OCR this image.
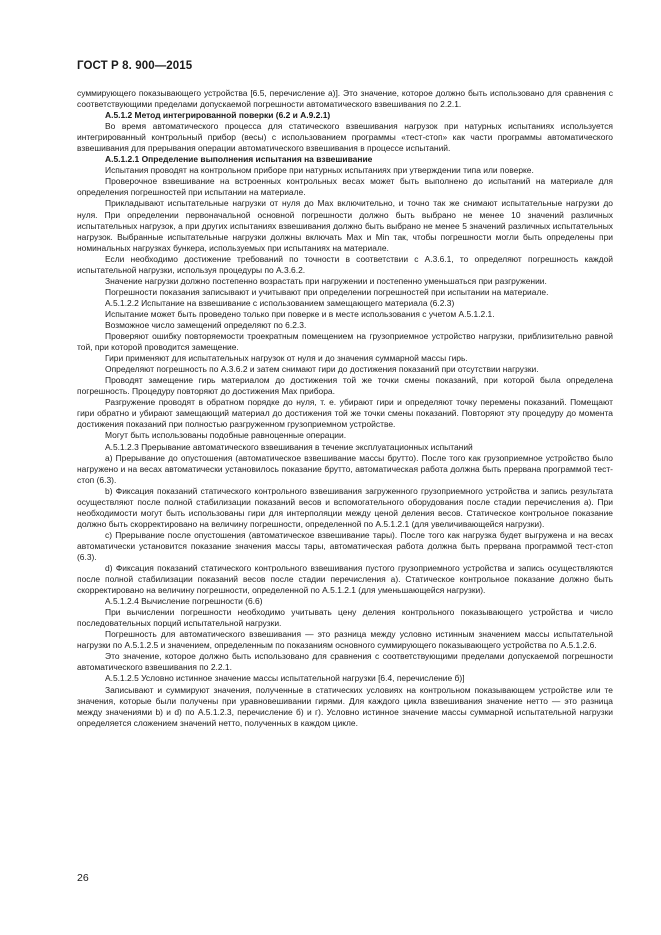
ГОСТ Р 8. 900—2015

суммирующего показывающего устройства [6.5, перечисление а)]. Это значение, которое должно быть использовано для сравнения с соответствующими пределами допускаемой погрешности автоматического взвешивания по 2.2.1.

А.5.1.2 Метод интегрированной поверки (6.2 и А.9.2.1)

Во время автоматического процесса для статического взвешивания нагрузок при натурных испытаниях используется интегрированный контрольный прибор (весы) с использованием программы «тест-стоп» как части программы автоматического взвешивания для прерывания операции автоматического взвешивания в процессе испытаний.

А.5.1.2.1 Определение выполнения испытания на взвешивание

Испытания проводят на контрольном приборе при натурных испытаниях при утверждении типа или поверке.

Проверочное взвешивание на встроенных контрольных весах может быть выполнено до испытаний на материале для определения погрешностей при испытании на материале.

Прикладывают испытательные нагрузки от нуля до Max включительно, и точно так же снимают испытательные нагрузки до нуля. При определении первоначальной основной погрешности должно быть выбрано не менее 10 значений различных испытательных нагрузок, а при других испытаниях взвешивания должно быть выбрано не менее 5 значений различных испытательных нагрузок. Выбранные испытательные нагрузки должны включать Max и Min так, чтобы погрешности могли быть определены при номинальных нагрузках бункера, используемых при испытаниях на материале.

Если необходимо достижение требований по точности в соответствии с А.3.6.1, то определяют погрешность каждой испытательной нагрузки, используя процедуры по А.3.6.2.

Значение нагрузки должно постепенно возрастать при нагружении и постепенно уменьшаться при разгружении.

Погрешности показания записывают и учитывают при определении погрешностей при испытании на материале.

А.5.1.2.2 Испытание на взвешивание с использованием замещающего материала (6.2.3)

Испытание может быть проведено только при поверке и в месте использования с учетом А.5.1.2.1.

Возможное число замещений определяют по 6.2.3.

Проверяют ошибку повторяемости троекратным помещением на грузоприемное устройство нагрузки, приблизительно равной той, при которой проводится замещение.

Гири применяют для испытательных нагрузок от нуля и до значения суммарной массы гирь.

Определяют погрешность по А.3.6.2 и затем снимают гири до достижения показаний при отсутствии нагрузки.

Проводят замещение гирь материалом до достижения той же точки смены показаний, при которой была определена погрешность. Процедуру повторяют до достижения Max прибора.

Разгружение проводят в обратном порядке до нуля, т. е. убирают гири и определяют точку перемены показаний. Помещают гири обратно и убирают замещающий материал до достижения той же точки смены показаний. Повторяют эту процедуру до момента достижения показаний при полностью разгруженном грузоприемном устройстве.

Могут быть использованы подобные равноценные операции.

А.5.1.2.3 Прерывание автоматического взвешивания в течение эксплуатационных испытаний

а) Прерывание до опустошения (автоматическое взвешивание массы брутто). После того как грузоприемное устройство было нагружено и на весах автоматически установилось показание брутто, автоматическая работа должна быть прервана программой тест-стоп (6.3).

b) Фиксация показаний статического контрольного взвешивания загруженного грузоприемного устройства и запись результата осуществляют после полной стабилизации показаний весов и вспомогательного оборудования после стадии перечисления а). При необходимости могут быть использованы гири для интерполяции между ценой деления весов. Статическое контрольное показание должно быть скорректировано на величину погрешности, определенной по А.5.1.2.1 (для увеличивающейся нагрузки).

c) Прерывание после опустошения (автоматическое взвешивание тары). После того как нагрузка будет выгружена и на весах автоматически установится показание значения массы тары, автоматическая работа должна быть прервана программой тест-стоп (6.3).

d) Фиксация показаний статического контрольного взвешивания пустого грузоприемного устройства и запись осуществляются после полной стабилизации показаний весов после стадии перечисления а). Статическое контрольное показание должно быть скорректировано на величину погрешности, определенной по А.5.1.2.1 (для уменьшающейся нагрузки).

А.5.1.2.4 Вычисление погрешности (6.6)

При вычислении погрешности необходимо учитывать цену деления контрольного показывающего устройства и число последовательных порций испытательной нагрузки.

Погрешность для автоматического взвешивания — это разница между условно истинным значением массы испытательной нагрузки по А.5.1.2.5 и значением, определенным по показаниям основного суммирующего показывающего устройства по А.5.1.2.6.

Это значение, которое должно быть использовано для сравнения с соответствующими пределами допускаемой погрешности автоматического взвешивания по 2.2.1.

А.5.1.2.5 Условно истинное значение массы испытательной нагрузки [6.4, перечисление б)]

Записывают и суммируют значения, полученные в статических условиях на контрольном показывающем устройстве или те значения, которые были получены при уравновешивании гирями. Для каждого цикла взвешивания значение нетто — это разница между значениями b) и d) по А.5.1.2.3, перечисление б) и г). Условно истинное значение массы суммарной испытательной нагрузки определяется сложением значений нетто, полученных в каждом цикле.

26
